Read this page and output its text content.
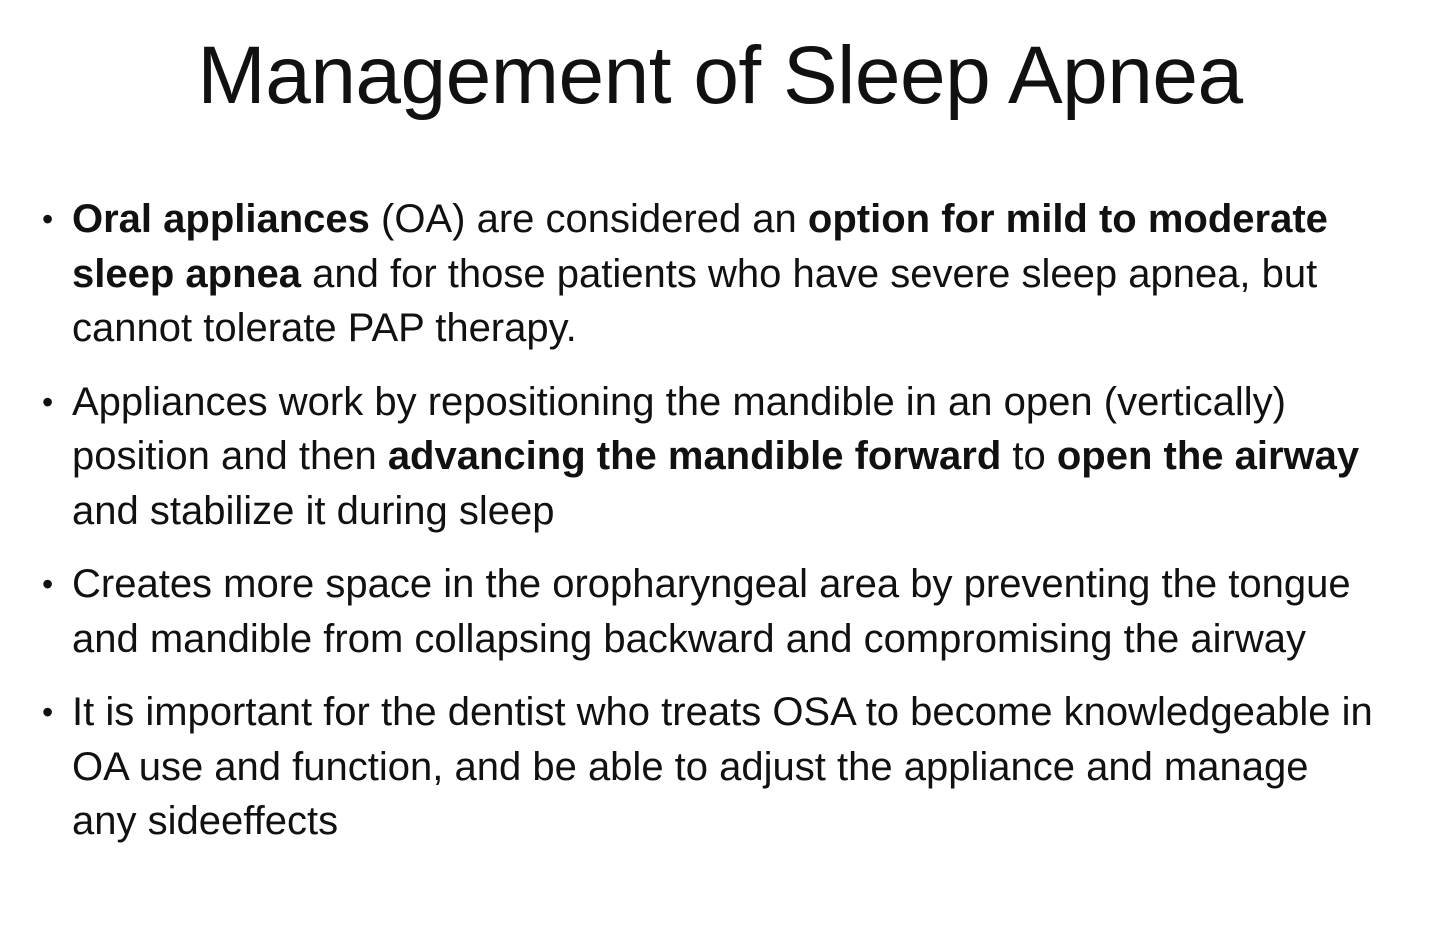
Management of Sleep Apnea
• Oral appliances (OA) are considered an option for mild to moderate sleep apnea and for those patients who have severe sleep apnea, but cannot tolerate PAP therapy.
• Appliances work by repositioning the mandible in an open (vertically) position and then advancing the mandible forward to open the airway and stabilize it during sleep
• Creates more space in the oropharyngeal area by preventing the tongue and mandible from collapsing backward and compromising the airway
• It is important for the dentist who treats OSA to become knowledgeable in OA use and function, and be able to adjust the appliance and manage any sideeffects
